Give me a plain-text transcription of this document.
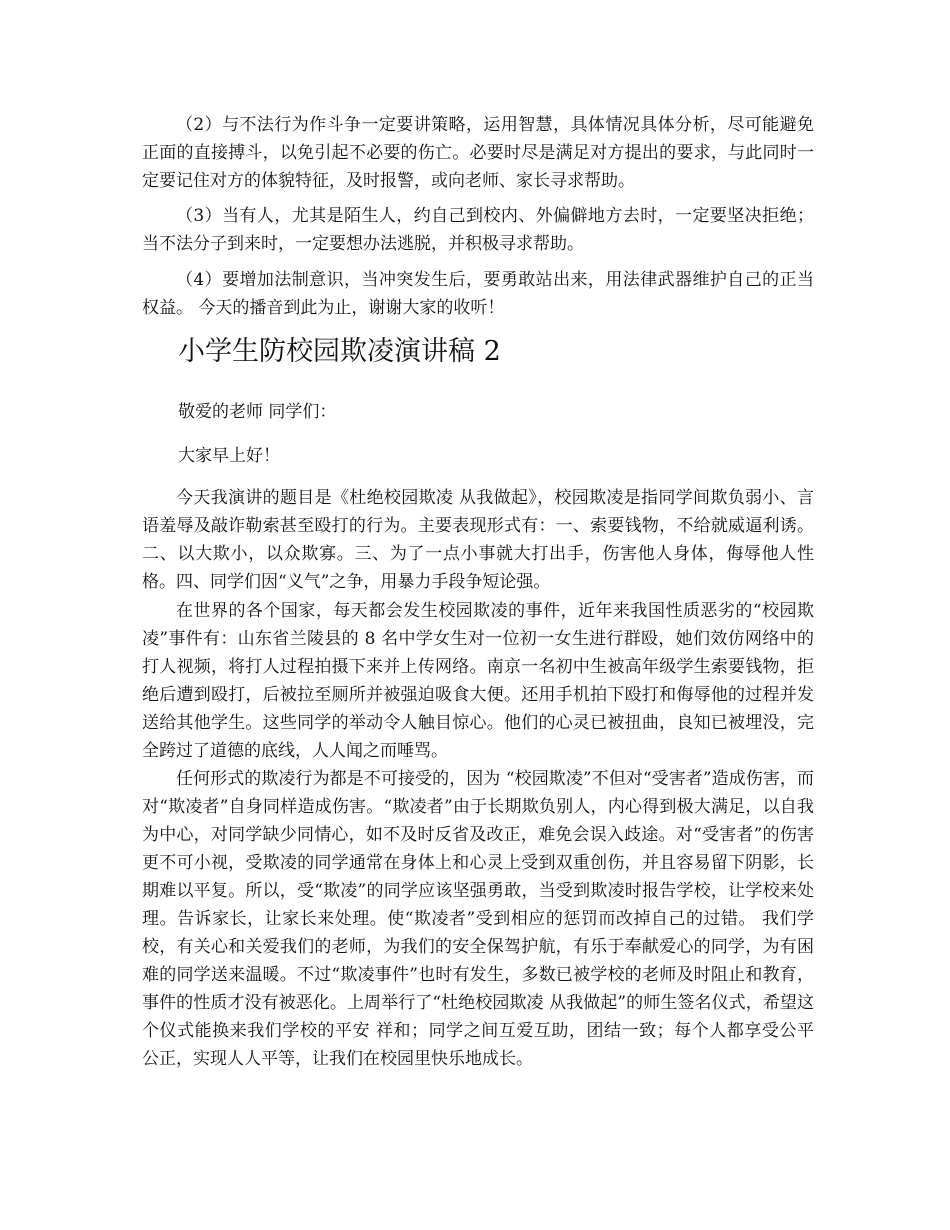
（2）与不法行为作斗争一定要讲策略，运用智慧，具体情况具体分析，尽可能避免正面的直接搏斗，以免引起不必要的伤亡。必要时尽是满足对方提出的要求，与此同时一定要记住对方的体貌特征，及时报警，或向老师、家长寻求帮助。

（3）当有人，尤其是陌生人，约自己到校内、外偏僻地方去时，一定要坚决拒绝；当不法分子到来时，一定要想办法逃脱，并积极寻求帮助。

（4）要增加法制意识，当冲突发生后，要勇敢站出来，用法律武器维护自己的正当权益。 今天的播音到此为止，谢谢大家的收听！

小学生防校园欺凌演讲稿 2

敬爱的老师 同学们：

大家早上好！

今天我演讲的题目是《杜绝校园欺凌 从我做起》，校园欺凌是指同学间欺负弱小、言语羞辱及敲诈勒索甚至殴打的行为。主要表现形式有：一、索要钱物，不给就威逼利诱。二、以大欺小，以众欺寡。三、为了一点小事就大打出手，伤害他人身体，侮辱他人性格。四、同学们因“义气”之争，用暴力手段争短论强。

在世界的各个国家，每天都会发生校园欺凌的事件，近年来我国性质恶劣的“校园欺凌”事件有：山东省兰陵县的 8 名中学女生对一位初一女生进行群殴，她们效仿网络中的打人视频，将打人过程拍摄下来并上传网络。南京一名初中生被高年级学生索要钱物，拒绝后遭到殴打，后被拉至厕所并被强迫吸食大便。还用手机拍下殴打和侮辱他的过程并发送给其他学生。这些同学的举动令人触目惊心。他们的心灵已被扭曲，良知已被埋没，完全跨过了道德的底线，人人闻之而唾骂。

任何形式的欺凌行为都是不可接受的，因为 “校园欺凌”不但对“受害者”造成伤害，而对“欺凌者”自身同样造成伤害。“欺凌者”由于长期欺负别人，内心得到极大满足，以自我为中心，对同学缺少同情心，如不及时反省及改正，难免会误入歧途。对“受害者”的伤害更不可小视，受欺凌的同学通常在身体上和心灵上受到双重创伤，并且容易留下阴影，长期难以平复。所以，受“欺凌”的同学应该坚强勇敢，当受到欺凌时报告学校，让学校来处理。告诉家长，让家长来处理。使“欺凌者”受到相应的惩罚而改掉自己的过错。 我们学校，有关心和关爱我们的老师，为我们的安全保驾护航，有乐于奉献爱心的同学，为有困难的同学送来温暖。不过“欺凌事件”也时有发生，多数已被学校的老师及时阻止和教育，事件的性质才没有被恶化。上周举行了“杜绝校园欺凌 从我做起”的师生签名仪式，希望这个仪式能换来我们学校的平安 祥和；同学之间互爱互助，团结一致；每个人都享受公平 公正，实现人人平等，让我们在校园里快乐地成长。
